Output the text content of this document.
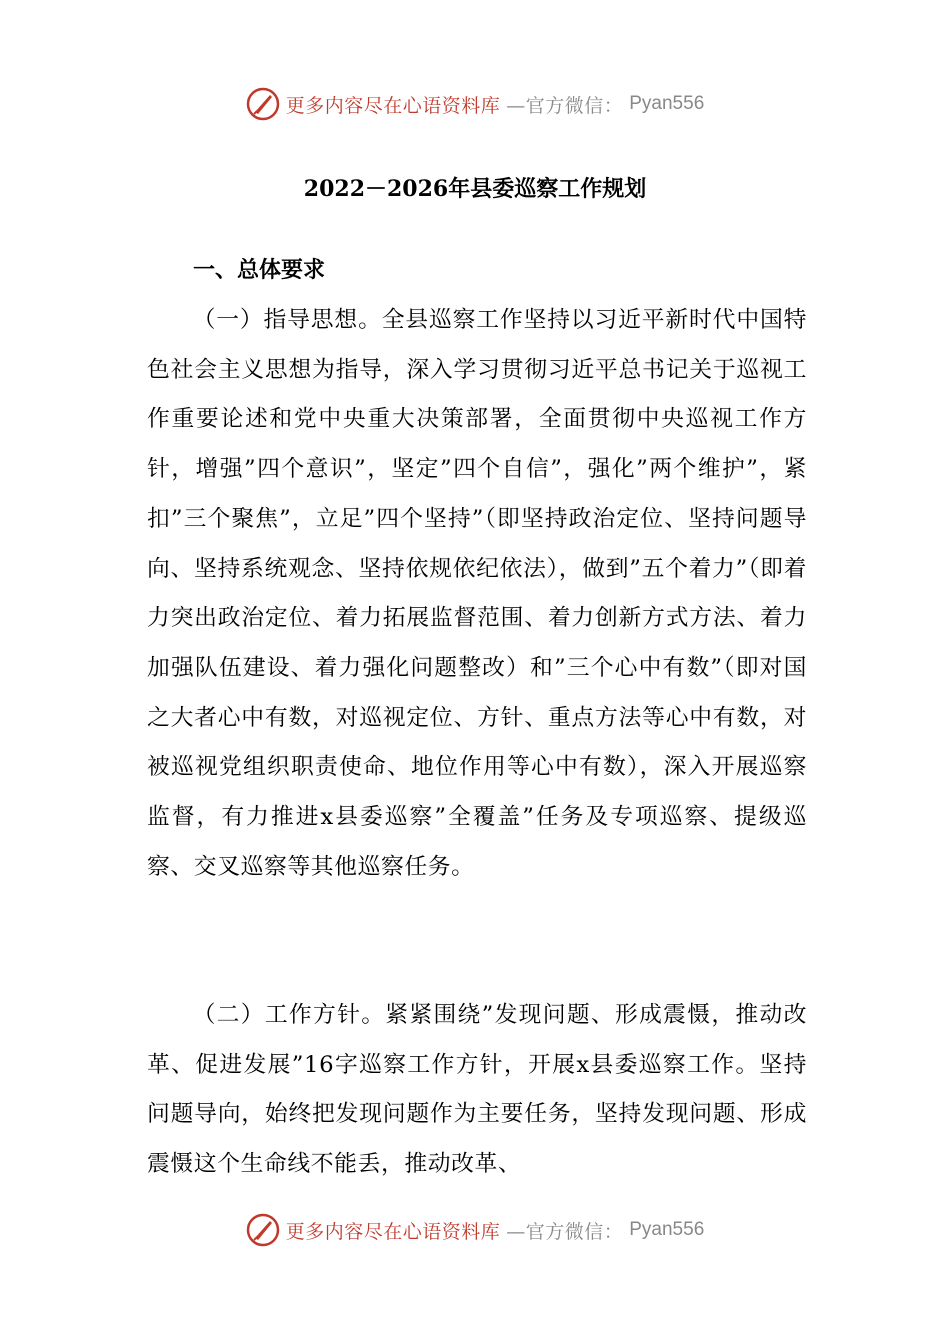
更多内容尽在心语资料库 —官方微信： Pyan556
2022－2026年县委巡察工作规划
一、总体要求

（一）指导思想。全县巡察工作坚持以习近平新时代中国特色社会主义思想为指导，深入学习贯彻习近平总书记关于巡视工作重要论述和党中央重大决策部署，全面贯彻中央巡视工作方针，增强”四个意识”，坚定”四个自信”，强化”两个维护”，紧扣”三个聚焦”，立足”四个坚持”（即坚持政治定位、坚持问题导向、坚持系统观念、坚持依规依纪依法），做到”五个着力”（即着力突出政治定位、着力拓展监督范围、着力创新方式方法、着力加强队伍建设、着力强化问题整改）和”三个心中有数”（即对国之大者心中有数，对巡视定位、方针、重点方法等心中有数，对被巡视党组织职责使命、地位作用等心中有数），深入开展巡察监督，有力推进x县委巡察”全覆盖”任务及专项巡察、提级巡察、交叉巡察等其他巡察任务。

（二）工作方针。紧紧围绕”发现问题、形成震慑，推动改革、促进发展”16字巡察工作方针，开展x县委巡察工作。坚持问题导向，始终把发现问题作为主要任务，坚持发现问题、形成震慑这个生命线不能丢，推动改革、

更多内容尽在心语资料库 —官方微信： Pyan556
